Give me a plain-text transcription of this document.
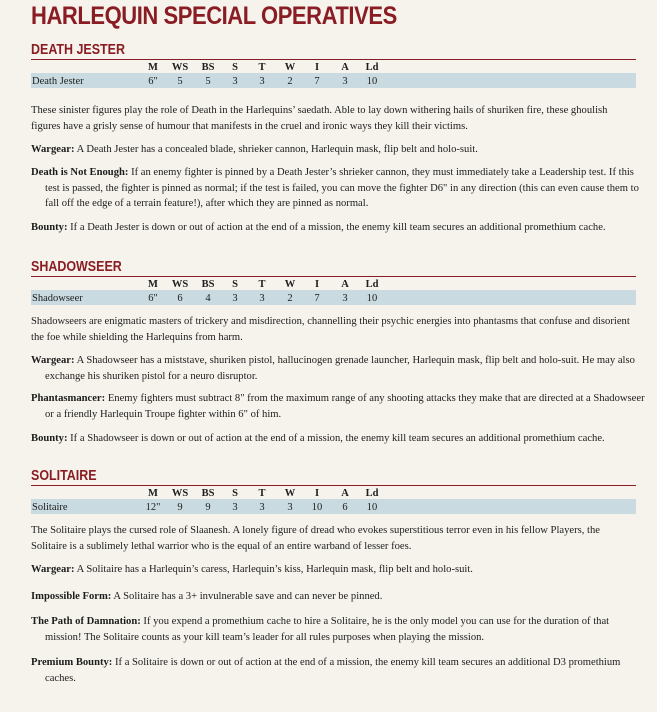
HARLEQUIN SPECIAL OPERATIVES
DEATH JESTER
M	WS	BS	S	T	W	I	A	Ld
Death Jester	6"	5	5	3	3	2	7	3	10

These sinister figures play the role of Death in the Harlequins’ saedath. Able to lay down withering hails of shuriken fire, these ghoulish figures have a grisly sense of humour that manifests in the cruel and ironic ways they kill their victims.

Wargear: A Death Jester has a concealed blade, shrieker cannon, Harlequin mask, flip belt and holo-suit.

Death is Not Enough: If an enemy fighter is pinned by a Death Jester’s shrieker cannon, they must immediately take a Leadership test. If this test is passed, the fighter is pinned as normal; if the test is failed, you can move the fighter D6" in any direction (this can even cause them to fall off the edge of a terrain feature!), after which they are pinned as normal.

Bounty: If a Death Jester is down or out of action at the end of a mission, the enemy kill team secures an additional promethium cache.

SHADOWSEER
M	WS	BS	S	T	W	I	A	Ld
Shadowseer	6"	6	4	3	3	2	7	3	10

Shadowseers are enigmatic masters of trickery and misdirection, channelling their psychic energies into phantasms that confuse and disorient the foe while shielding the Harlequins from harm.

Wargear: A Shadowseer has a miststave, shuriken pistol, hallucinogen grenade launcher, Harlequin mask, flip belt and holo-suit. He may also exchange his shuriken pistol for a neuro disruptor.

Phantasmancer: Enemy fighters must subtract 8" from the maximum range of any shooting attacks they make that are directed at a Shadowseer or a friendly Harlequin Troupe fighter within 6" of him.

Bounty: If a Shadowseer is down or out of action at the end of a mission, the enemy kill team secures an additional promethium cache.

SOLITAIRE
M	WS	BS	S	T	W	I	A	Ld
Solitaire	12"	9	9	3	3	3	10	6	10

The Solitaire plays the cursed role of Slaanesh. A lonely figure of dread who evokes superstitious terror even in his fellow Players, the Solitaire is a sublimely lethal warrior who is the equal of an entire warband of lesser foes.

Wargear: A Solitaire has a Harlequin’s caress, Harlequin’s kiss, Harlequin mask, flip belt and holo-suit.

Impossible Form: A Solitaire has a 3+ invulnerable save and can never be pinned.

The Path of Damnation: If you expend a promethium cache to hire a Solitaire, he is the only model you can use for the duration of that mission! The Solitaire counts as your kill team’s leader for all rules purposes when playing the mission.

Premium Bounty: If a Solitaire is down or out of action at the end of a mission, the enemy kill team secures an additional D3 promethium caches.
